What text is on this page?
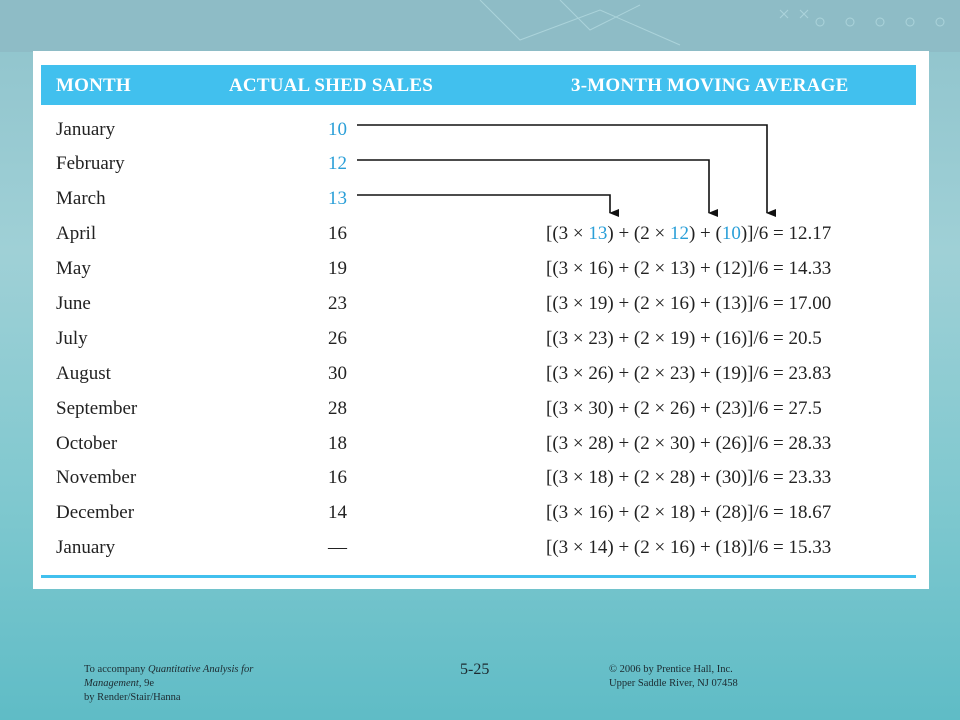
MONTH	ACTUAL SHED SALES	3-MONTH MOVING AVERAGE
January	10
February	12
March	13
April	16	[(3 × 13) + (2 × 12) + (10)]/6 = 12.17
May	19	[(3 × 16) + (2 × 13) + (12)]/6 = 14.33
June	23	[(3 × 19) + (2 × 16) + (13)]/6 = 17.00
July	26	[(3 × 23) + (2 × 19) + (16)]/6 = 20.5
August	30	[(3 × 26) + (2 × 23) + (19)]/6 = 23.83
September	28	[(3 × 30) + (2 × 26) + (23)]/6 = 27.5
October	18	[(3 × 28) + (2 × 30) + (26)]/6 = 28.33
November	16	[(3 × 18) + (2 × 28) + (30)]/6 = 23.33
December	14	[(3 × 16) + (2 × 18) + (28)]/6 = 18.67
January	—	[(3 × 14) + (2 × 16) + (18)]/6 = 15.33
To accompany Quantitative Analysis for
Management, 9e
by Render/Stair/Hanna
5-25	© 2006 by Prentice Hall, Inc.
Upper Saddle River, NJ 07458
